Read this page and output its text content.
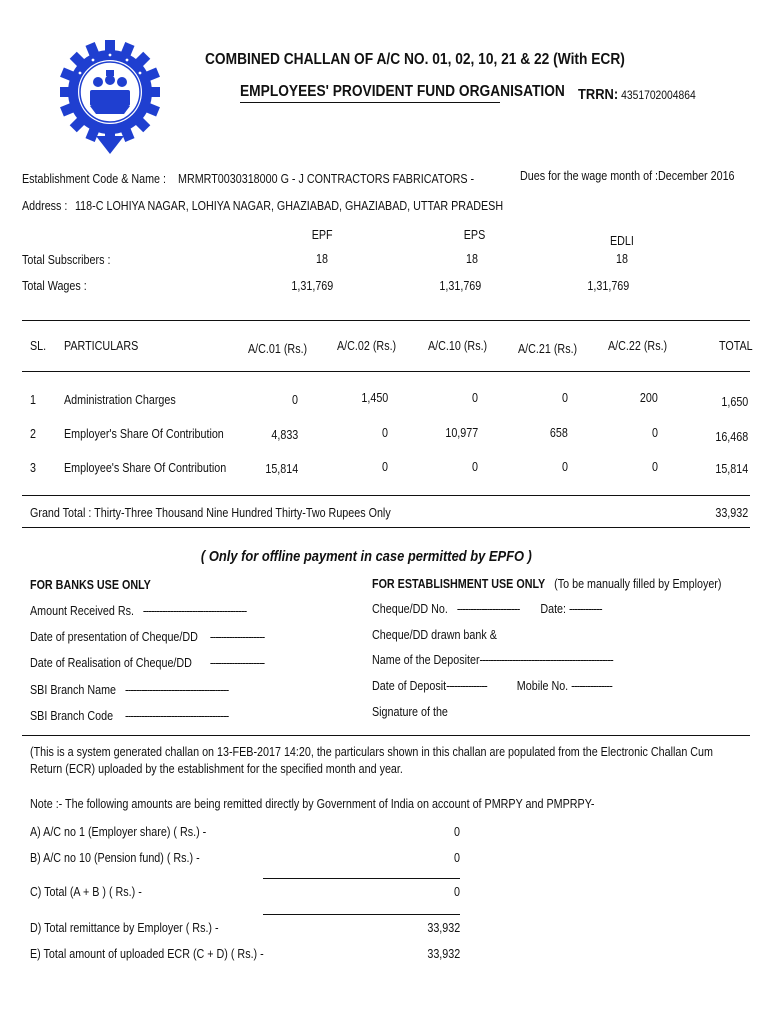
INDIA
COMBINED CHALLAN OF A/C NO. 01, 02, 10, 21 & 22 (With ECR)
EMPLOYEES' PROVIDENT FUND ORGANISATION TRRN: 4351702004864
Establishment Code & Name : MRMRT0030318000 G - J CONTRACTORS FABRICATORS -	Dues for the wage month of :December 2016
Address : 118-C LOHIYA NAGAR, LOHIYA NAGAR, GHAZIABAD, GHAZIABAD, UTTAR PRADESH
EPF	EPS	EDLI
Total Subscribers :	18	18	18
Total Wages :	1,31,769	1,31,769	1,31,769
SL. PARTICULARS	A/C.01 (Rs.)	A/C.02 (Rs.)	A/C.10 (Rs.)	A/C.21 (Rs.)	A/C.22 (Rs.)	TOTAL
1 Administration Charges	0	1,450	0	0	200	1,650
2 Employer's Share Of Contribution	4,833	0	10,977	658	0	16,468
3 Employee's Share Of Contribution	15,814	0	0	0	0	15,814
Grand Total : Thirty-Three Thousand Nine Hundred Thirty-Two Rupees Only	33,932
( Only for offline payment in case permitted by EPFO )
FOR BANKS USE ONLY
Amount Received Rs. --------------------------------------
Date of presentation of Cheque/DD --------------------
Date of Realisation of Cheque/DD --------------------
SBI Branch Name --------------------------------------
SBI Branch Code --------------------------------------
FOR ESTABLISHMENT USE ONLY (To be manually filled by Employer)
Cheque/DD No. ----------------------- Date: ------------
Cheque/DD drawn bank &
Name of the Depositer-------------------------------------------------
Date of Deposit--------------- Mobile No. ---------------
Signature of the
(This is a system generated challan on 13-FEB-2017 14:20, the particulars shown in this challan are populated from the Electronic Challan Cum Return (ECR) uploaded by the establishment for the specified month and year.
Note :- The following amounts are being remitted directly by Government of India on account of PMRPY and PMPRPY-
A) A/C no 1 (Employer share) ( Rs.) -	0
B) A/C no 10 (Pension fund) ( Rs.) -	0
C) Total (A + B ) ( Rs.) -	0
D) Total remittance by Employer ( Rs.) -	33,932
E) Total amount of uploaded ECR (C + D) ( Rs.) -	33,932
